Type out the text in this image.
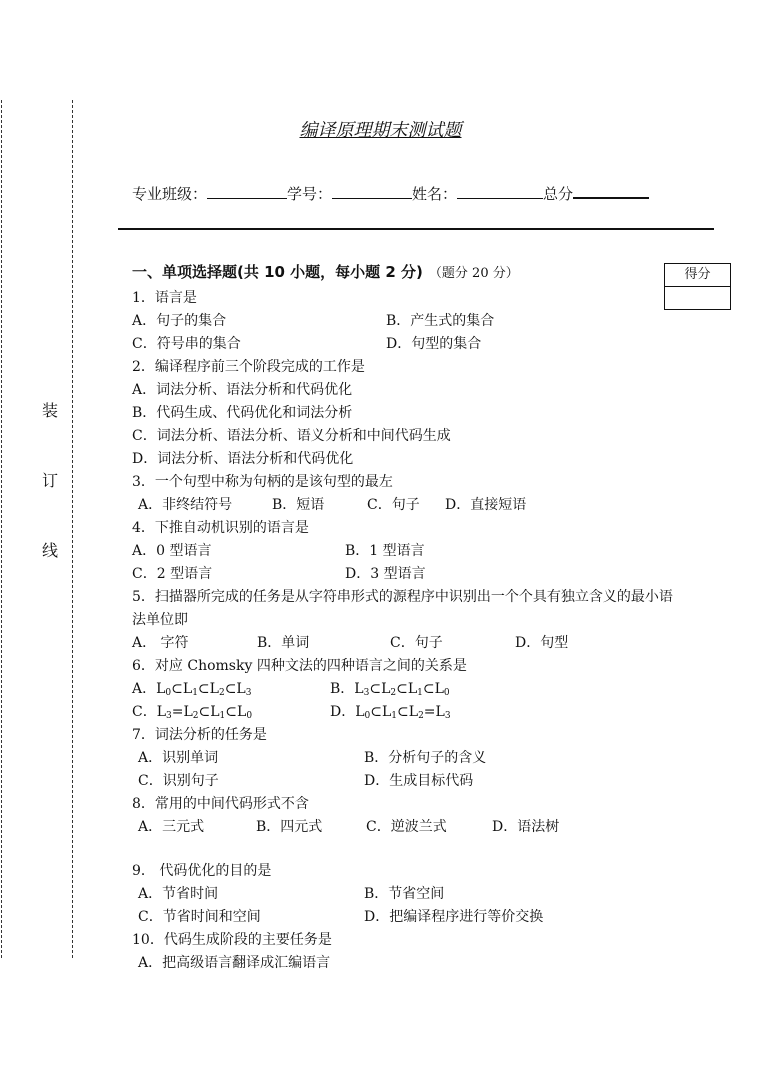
装
订
线
编译原理期末测试题
专业班级：	学号：	姓名：	总分
一、单项选择题(共 10 小题，每小题 2 分) （题分 20 分）	得分
1．语言是
A．句子的集合	B．产生式的集合
C．符号串的集合	D．句型的集合
2．编译程序前三个阶段完成的工作是
A．词法分析、语法分析和代码优化
B．代码生成、代码优化和词法分析
C．词法分析、语法分析、语义分析和中间代码生成
D．词法分析、语法分析和代码优化
3．一个句型中称为句柄的是该句型的最左
A．非终结符号	B．短语	C．句子 D．直接短语
4．下推自动机识别的语言是
A．0 型语言	B．1 型语言
C．2 型语言	D．3 型语言
5．扫描器所完成的任务是从字符串形式的源程序中识别出一个个具有独立含义的最小语
法单位即
A． 字符	B．单词	C．句子	D．句型
6．对应 Chomsky 四种文法的四种语言之间的关系是
A．$L_0\subset L_1\subset L_2\subset L_3$	B．$L_3\subset L_2\subset L_1\subset L_0$
C．$L_3=L_2\subset L_1\subset L_0$	D．$L_0\subset L_1\subset L_2=L_3$
7．词法分析的任务是
A．识别单词	B．分析句子的含义
C．识别句子	D．生成目标代码
8．常用的中间代码形式不含
A．三元式	B．四元式	C．逆波兰式	D．语法树
9． 代码优化的目的是
A．节省时间	B．节省空间
C．节省时间和空间	D．把编译程序进行等价交换
10．代码生成阶段的主要任务是
A．把高级语言翻译成汇编语言
